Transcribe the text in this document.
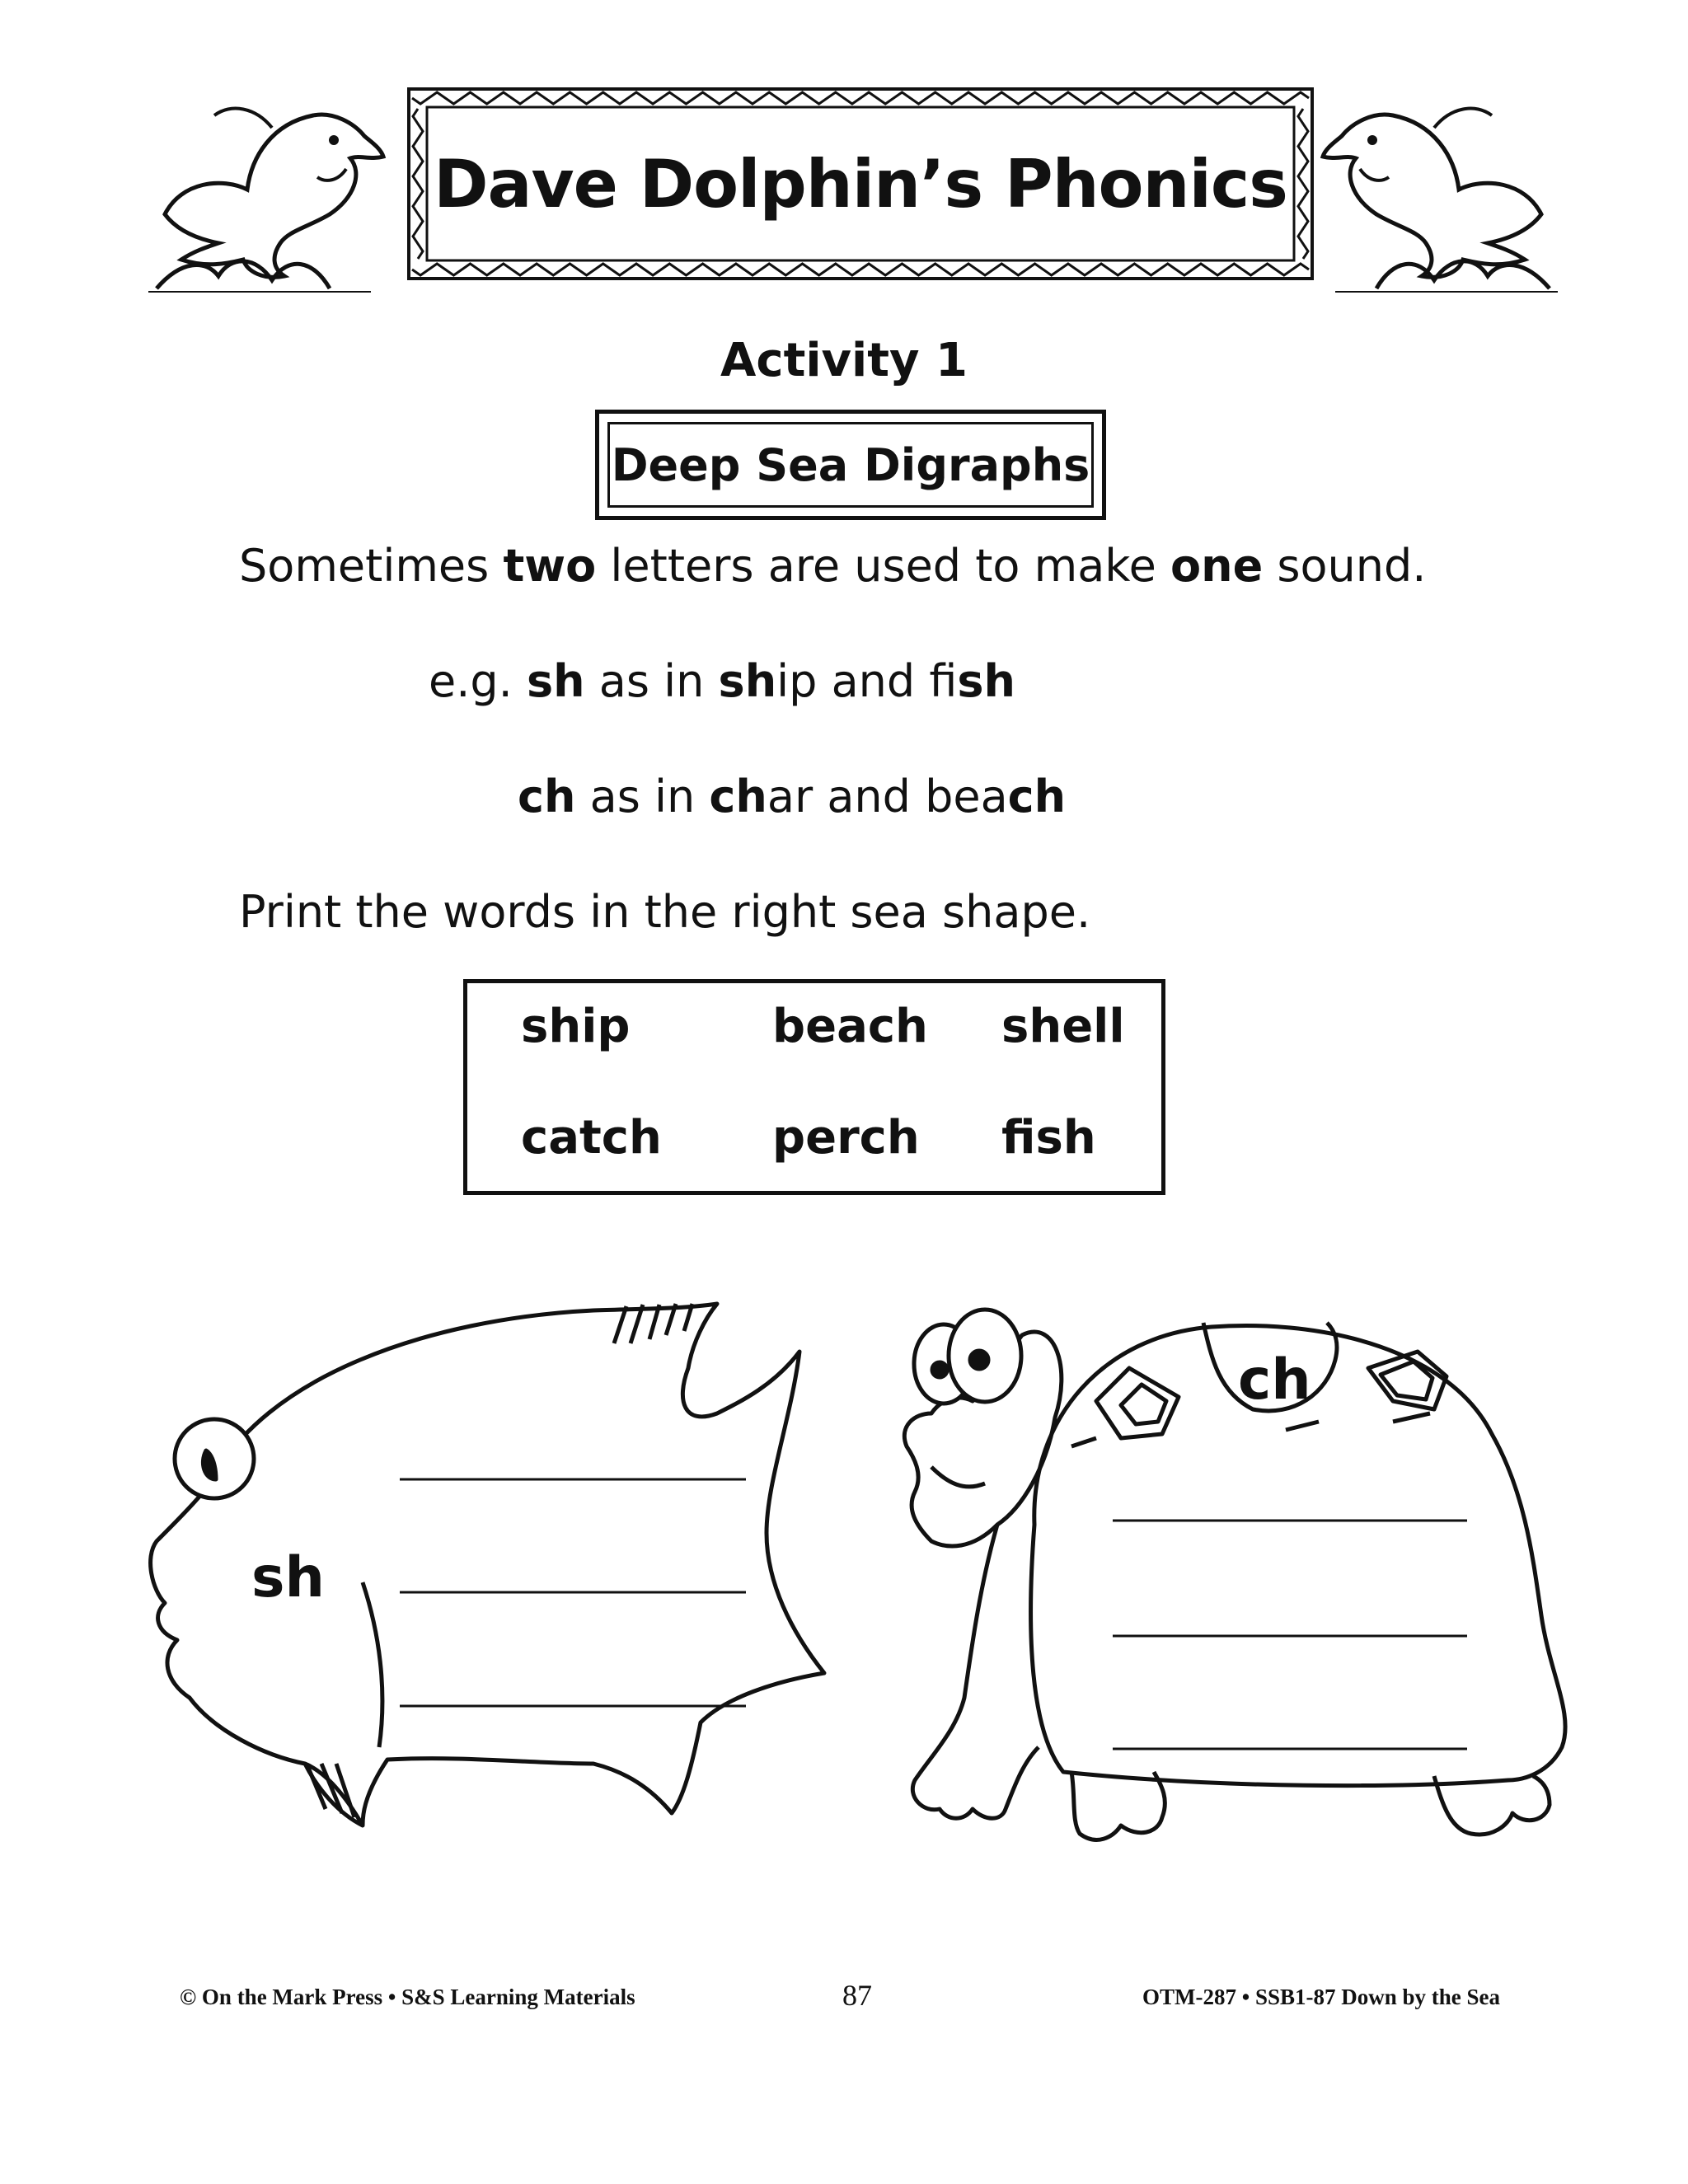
Dave Dolphin’s Phonics
Activity 1
Deep Sea Digraphs
Sometimes two letters are used to make one sound.
e.g. sh as in ship and fish
ch as in char and beach
Print the words in the right sea shape.
ship	beach shell
catch perch fish
sh
ch
© On the Mark Press • S&S Learning Materials	87	OTM-287 • SSB1-87 Down by the Sea
